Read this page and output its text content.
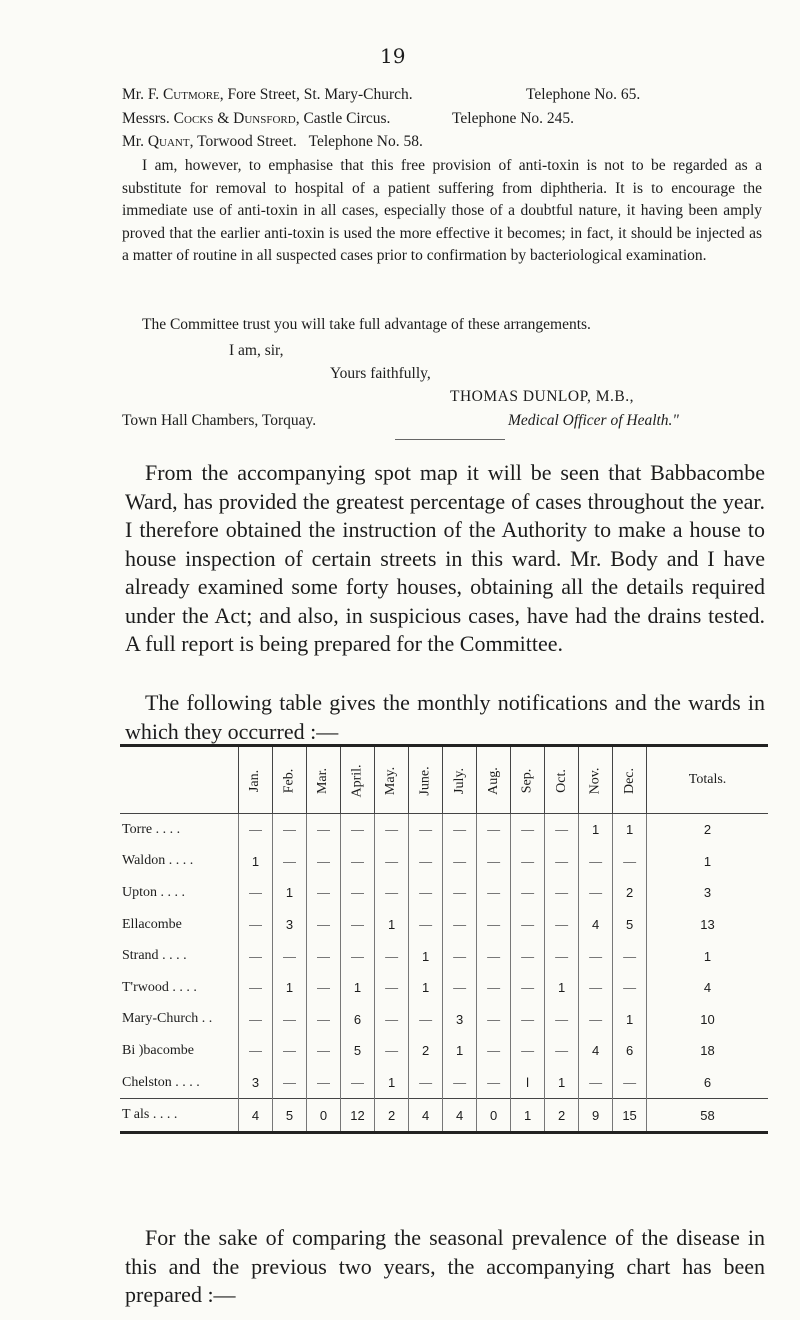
19
Mr. F. Cutmore, Fore Street, St. Mary-Church.	Telephone No. 65.
Messrs. Cocks & Dunsford, Castle Circus.	Telephone No. 245.
Mr. Quant, Torwood Street. Telephone No. 58.
I am, however, to emphasise that this free provision of anti-toxin is not to be regarded as a substitute for removal to hospital of a patient suffering from diphtheria. It is to encourage the immediate use of anti-toxin in all cases, especially those of a doubtful nature, it having been amply proved that the earlier anti-toxin is used the more effective it becomes; in fact, it should be injected as a matter of routine in all suspected cases prior to confirmation by bacteriological examination.
The Committee trust you will take full advantage of these arrangements.
I am, sir,
Yours faithfully,
THOMAS DUNLOP, M.B.,
Town Hall Chambers, Torquay.	Medical Officer of Health."
From the accompanying spot map it will be seen that Babbacombe Ward, has provided the greatest percentage of cases throughout the year. I therefore obtained the instruction of the Authority to make a house to house inspection of certain streets in this ward. Mr. Body and I have already examined some forty houses, obtaining all the details required under the Act; and also, in suspicious cases, have had the drains tested. A full report is being prepared for the Committee.
The following table gives the monthly notifications and the wards in which they occurred :—
	Jan.	Feb.	Mar.	April.	May.	June.	July.	Aug.	Sep.	Oct.	Nov.	Dec.	Totals.
Torre . . . .	—	—	—	—	—	—	—	—	—	—	1	1	2
Waldon . . . .	1	—	—	—	—	—	—	—	—	—	—	—	1
Upton . . . .	—	1	—	—	—	—	—	—	—	—	—	2	3
Ellacombe	—	3	—	—	1	—	—	—	—	—	4	5	13
Strand . . . .	—	—	—	—	—	1	—	—	—	—	—	—	1
T'rwood . . . .	—	1	—	1	—	1	—	—	—	1	—	—	4
Mary-Church . .	—	—	—	6	—	—	3	—	—	—	—	1	10
Bi )bacombe	—	—	—	5	—	2	1	—	—	—	4	6	18
Chelston . . . .	3	—	—	—	1	—	—	—	l	1	—	—	6
T als . . . .	4	5	0	12	2	4	4	0	1	2	9	15	58
For the sake of comparing the seasonal prevalence of the disease in this and the previous two years, the accompanying chart has been prepared :—
